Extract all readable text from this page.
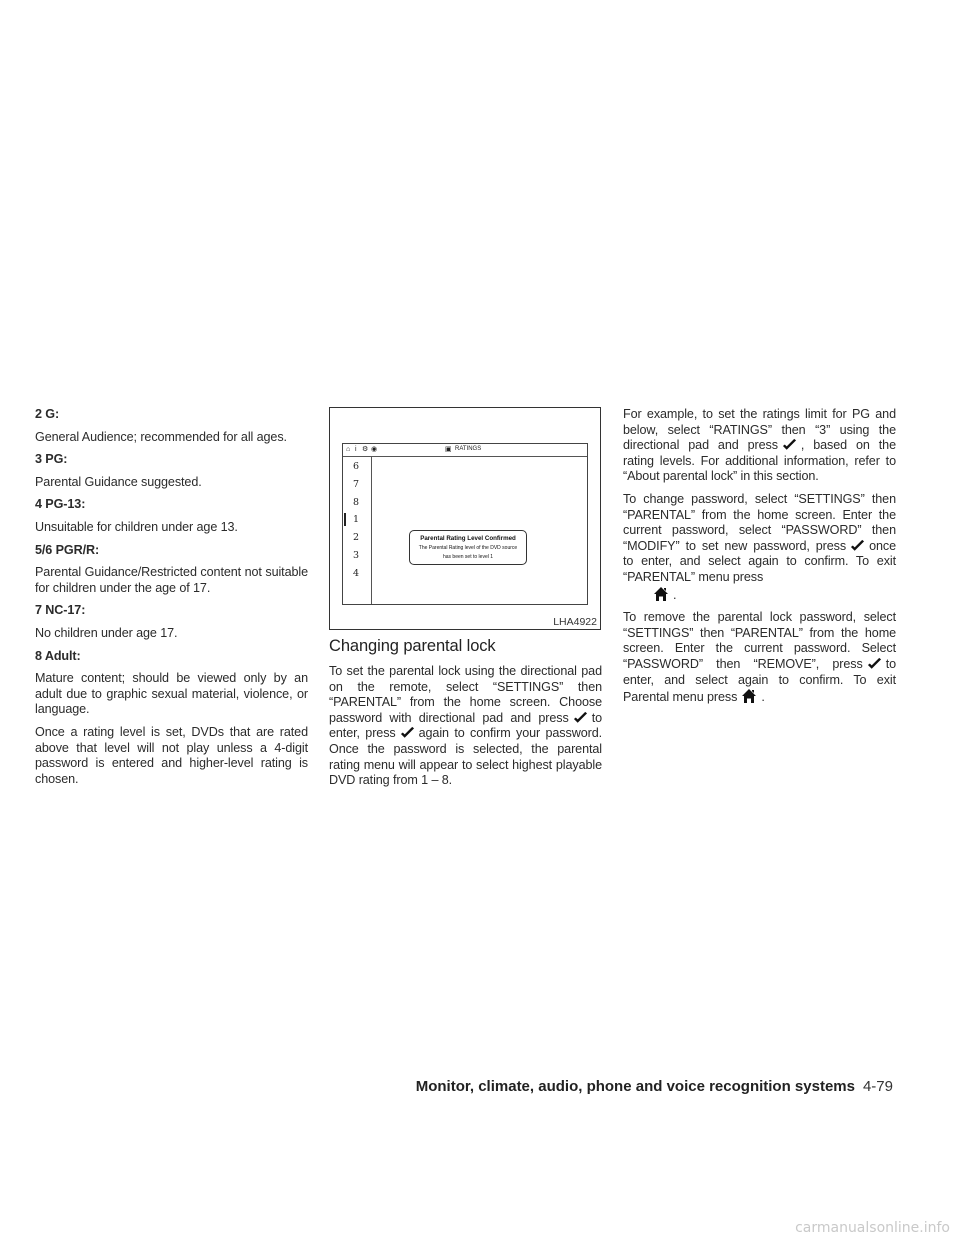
2 G:

General Audience; recommended for all ages.

3 PG:

Parental Guidance suggested.

4 PG-13:

Unsuitable for children under age 13.

5/6 PGR/R:

Parental Guidance/Restricted content not suitable for children under the age of 17.

7 NC-17:

No children under age 17.

8 Adult:

Mature content; should be viewed only by an adult due to graphic sexual material, violence, or language.

Once a rating level is set, DVDs that are rated above that level will not play unless a 4-digit password is entered and higher-level rating is chosen.

⌂ i ⚙ ◉	▣ RATINGS
6
7
8
1
2
3
4
Parental Rating Level Confirmed
The Parental Rating level of the DVD source
has been set to level 1
LHA4922
Changing parental lock

To set the parental lock using the directional pad on the remote, select “SETTINGS” then “PARENTAL” from the home screen. Choose password with directional pad and press to enter, press again to confirm your password. Once the password is selected, the parental rating menu will appear to select highest playable DVD rating from 1 – 8.

For example, to set the ratings limit for PG and below, select “RATINGS” then “3” using the directional pad and press , based on the rating levels. For additional information, refer to “About parental lock” in this section.

To change password, select “SETTINGS” then “PARENTAL” from the home screen. Enter the current password, select “PASSWORD” then “MODIFY” to set new password, press once to enter, and select again to confirm. To exit “PARENTAL” menu press

.

To remove the parental lock password, select “SETTINGS” then “PARENTAL” from the home screen. Enter the current password. Select “PASSWORD” then “REMOVE”, press to enter, and select again to confirm. To exit Parental menu press .

Monitor, climate, audio, phone and voice recognition systems 4-79
carmanualsonline.info
